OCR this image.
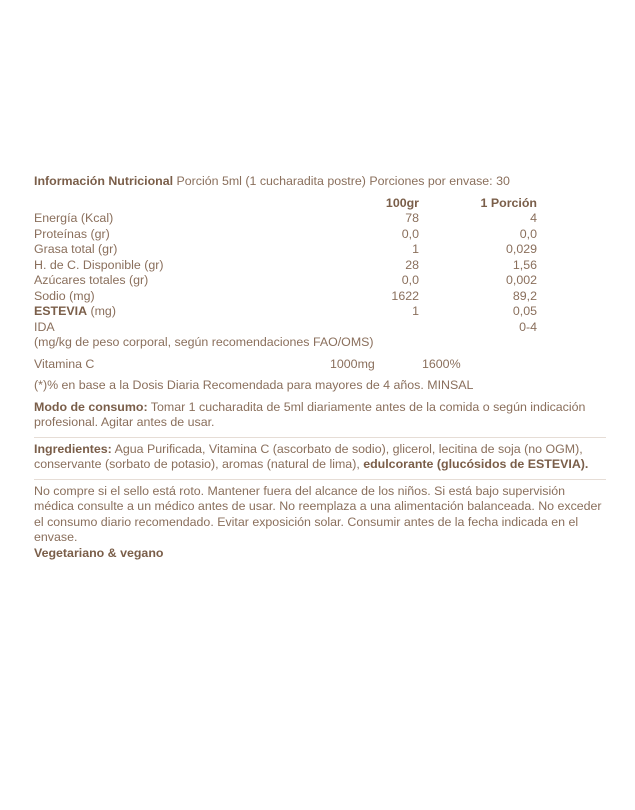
Información Nutricional Porción 5ml (1 cucharadita postre) Porciones por envase: 30
	100gr	1 Porción
Energía (Kcal)	78	4
Proteínas (gr)	0,0	0,0
Grasa total (gr)	1	0,029
H. de C. Disponible (gr)	28	1,56
Azúcares totales (gr)	0,0	0,002
Sodio (mg)	1622	89,2
ESTEVIA (mg)	1	0,05
IDA		0-4
(mg/kg de peso corporal, según recomendaciones FAO/OMS)
Vitamina C	1000mg	1600%
(*)% en base a la Dosis Diaria Recomendada para mayores de 4 años. MINSAL
Modo de consumo: Tomar 1 cucharadita de 5ml diariamente antes de la comida o según indicación profesional. Agitar antes de usar.
Ingredientes: Agua Purificada, Vitamina C (ascorbato de sodio), glicerol, lecitina de soja (no OGM), conservante (sorbato de potasio), aromas (natural de lima), edulcorante (glucósidos de ESTEVIA).
No compre si el sello está roto. Mantener fuera del alcance de los niños. Si está bajo supervisión médica consulte a un médico antes de usar. No reemplaza a una alimentación balanceada. No exceder el consumo diario recomendado. Evitar exposición solar. Consumir antes de la fecha indicada en el envase.
Vegetariano & vegano
